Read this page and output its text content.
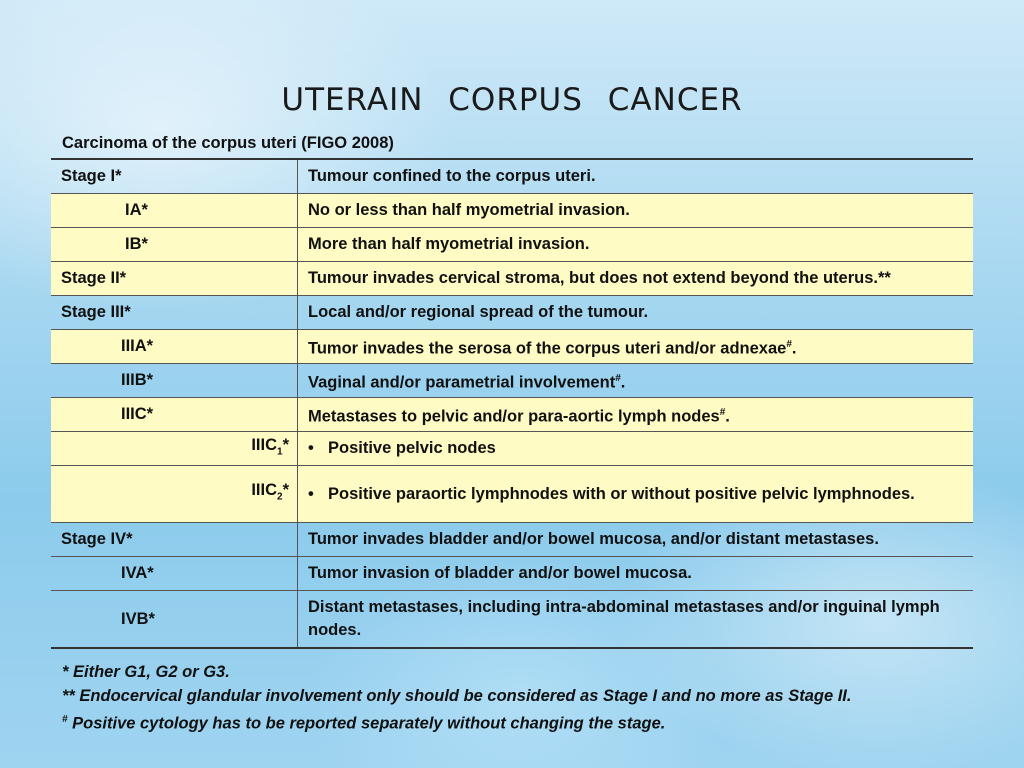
UTERAIN CORPUS CANCER
Carcinoma of the corpus uteri (FIGO 2008)
Stage I*	Tumour confined to the corpus uteri.
IA*	No or less than half myometrial invasion.
IB*	More than half myometrial invasion.
Stage II*	Tumour invades cervical stroma, but does not extend beyond the uterus.**
Stage III*	Local and/or regional spread of the tumour.
IIIA*	Tumor invades the serosa of the corpus uteri and/or adnexae#.
IIIB*	Vaginal and/or parametrial involvement#.
IIIC*	Metastases to pelvic and/or para-aortic lymph nodes#.
$IIIC_1*$	• Positive pelvic nodes

$IIIC_2*$	• Positive paraortic lymphnodes with or without positive pelvic lymphnodes.

Stage IV*	Tumor invades bladder and/or bowel mucosa, and/or distant metastases.
IVA*	Tumor invasion of bladder and/or bowel mucosa.
IVB*	Distant metastases, including intra-abdominal metastases and/or inguinal lymph nodes.
* Either G1, G2 or G3.
** Endocervical glandular involvement only should be considered as Stage I and no more as Stage II.
# Positive cytology has to be reported separately without changing the stage.
